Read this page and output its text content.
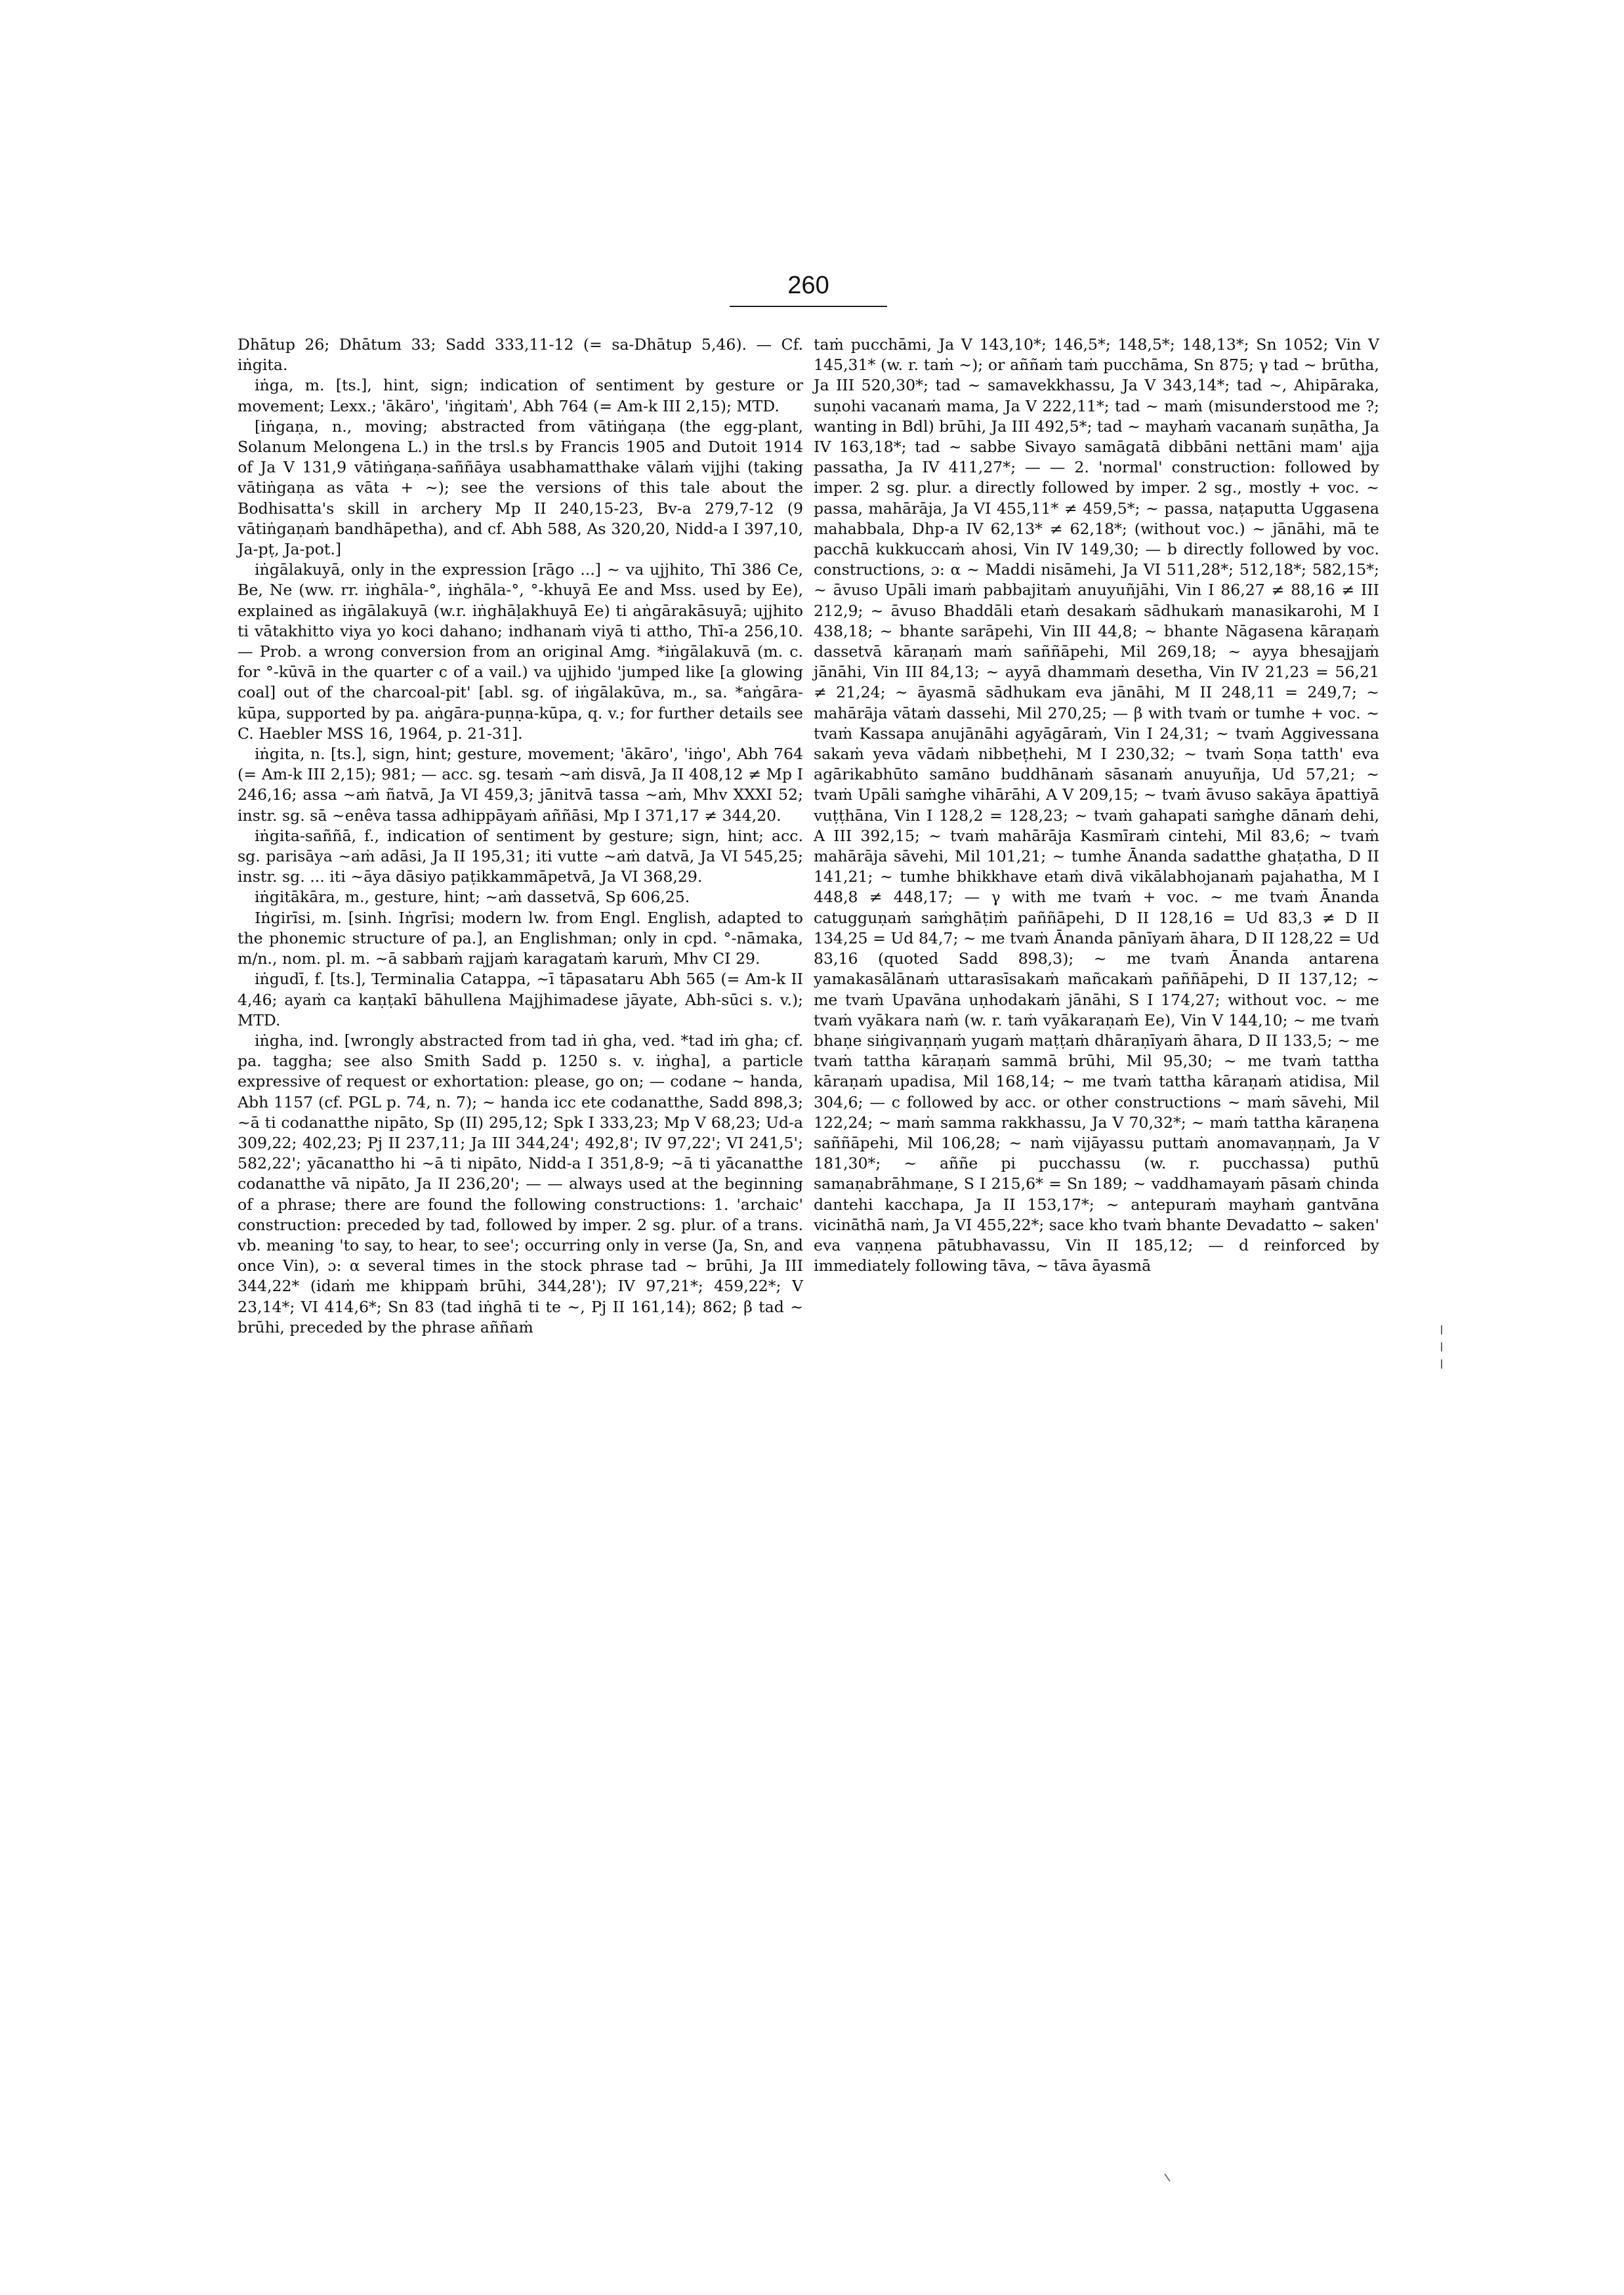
260

Dhātup 26; Dhātum 33; Sadd 333,11-12 (= sa-Dhātup 5,46). — Cf. iṅgita.

iṅga, m. [ts.], hint, sign; indication of sentiment by gesture or movement; Lexx.; 'ākāro', 'iṅgitaṁ', Abh 764 (= Am-k III 2,15); MTD.

[iṅgaṇa, n., moving; abstracted from vātiṅgaṇa (the egg-plant, Solanum Melongena L.) in the trsl.s by Francis 1905 and Dutoit 1914 of Ja V 131,9 vātiṅgaṇa-saññāya usabhamatthake vālaṁ vijjhi (taking vātiṅgaṇa as vāta + ~); see the versions of this tale about the Bodhisatta's skill in archery Mp II 240,15-23, Bv-a 279,7-12 (9 vātiṅgaṇaṁ bandhāpetha), and cf. Abh 588, As 320,20, Nidd-a I 397,10, Ja-pṭ, Ja-pot.]

iṅgālakuyā, only in the expression [rāgo ...] ~ va ujjhito, Thī 386 Ce, Be, Ne (ww. rr. iṅghāla-°, iṅghāla-°, °-khuyā Ee and Mss. used by Ee), explained as iṅgālakuyā (w.r. iṅghāḷakhuyā Ee) ti aṅgārakāsuyā; ujjhito ti vātakhitto viya yo koci dahano; indhanaṁ viyā ti attho, Thī-a 256,10. — Prob. a wrong conversion from an original Amg. *iṅgālakuvā (m. c. for °-kūvā in the quarter c of a vail.) va ujjhido 'jumped like [a glowing coal] out of the charcoal-pit' [abl. sg. of iṅgālakūva, m., sa. *aṅgāra-kūpa, supported by pa. aṅgāra-puṇṇa-kūpa, q. v.; for further details see C. Haebler MSS 16, 1964, p. 21-31].

iṅgita, n. [ts.], sign, hint; gesture, movement; 'ākāro', 'iṅgo', Abh 764 (= Am-k III 2,15); 981; — acc. sg. tesaṁ ~aṁ disvā, Ja II 408,12 ≠ Mp I 246,16; assa ~aṁ ñatvā, Ja VI 459,3; jānitvā tassa ~aṁ, Mhv XXXI 52; instr. sg. sā ~enêva tassa adhippāyaṁ aññāsi, Mp I 371,17 ≠ 344,20.

iṅgita-saññā, f., indication of sentiment by gesture; sign, hint; acc. sg. parisāya ~aṁ adāsi, Ja II 195,31; iti vutte ~aṁ datvā, Ja VI 545,25; instr. sg. ... iti ~āya dāsiyo paṭikkammāpetvā, Ja VI 368,29.

iṅgitākāra, m., gesture, hint; ~aṁ dassetvā, Sp 606,25.

Iṅgirīsi, m. [sinh. Iṅgrīsi; modern lw. from Engl. English, adapted to the phonemic structure of pa.], an Englishman; only in cpd. °-nāmaka, m/n., nom. pl. m. ~ā sabbaṁ rajjaṁ karagataṁ karuṁ, Mhv CI 29.

iṅgudī, f. [ts.], Terminalia Catappa, ~ī tāpasataru Abh 565 (= Am-k II 4,46; ayaṁ ca kaṇṭakī bāhullena Majjhimadese jāyate, Abh-sūci s. v.); MTD.

iṅgha, ind. [wrongly abstracted from tad iṅ gha, ved. *tad iṁ gha; cf. pa. taggha; see also Smith Sadd p. 1250 s. v. iṅgha], a particle expressive of request or exhortation: please, go on; — codane ~ handa, Abh 1157 (cf. PGL p. 74, n. 7); ~ handa icc ete codanatthe, Sadd 898,3; ~ā ti codanatthe nipāto, Sp (II) 295,12; Spk I 333,23; Mp V 68,23; Ud-a 309,22; 402,23; Pj II 237,11; Ja III 344,24'; 492,8'; IV 97,22'; VI 241,5'; 582,22'; yācanattho hi ~ā ti nipāto, Nidd-a I 351,8-9; ~ā ti yācanatthe codanatthe vā nipāto, Ja II 236,20'; — — always used at the beginning of a phrase; there are found the following constructions: 1. 'archaic' construction: preceded by tad, followed by imper. 2 sg. plur. of a trans. vb. meaning 'to say, to hear, to see'; occurring only in verse (Ja, Sn, and once Vin), ɔ: α several times in the stock phrase tad ~ brūhi, Ja III 344,22* (idaṁ me khippaṁ brūhi, 344,28'); IV 97,21*; 459,22*; V 23,14*; VI 414,6*; Sn 83 (tad iṅghā ti te ~, Pj II 161,14); 862; β tad ~ brūhi, preceded by the phrase aññaṁ

taṁ pucchāmi, Ja V 143,10*; 146,5*; 148,5*; 148,13*; Sn 1052; Vin V 145,31* (w. r. taṁ ~); or aññaṁ taṁ pucchāma, Sn 875; γ tad ~ brūtha, Ja III 520,30*; tad ~ samavekkhassu, Ja V 343,14*; tad ~, Ahipāraka, suṇohi vacanaṁ mama, Ja V 222,11*; tad ~ maṁ (misunderstood me ?; wanting in Bdl) brūhi, Ja III 492,5*; tad ~ mayhaṁ vacanaṁ suṇātha, Ja IV 163,18*; tad ~ sabbe Sivayo samāgatā dibbāni nettāni mam' ajja passatha, Ja IV 411,27*; — — 2. 'normal' construction: followed by imper. 2 sg. plur. a directly followed by imper. 2 sg., mostly + voc. ~ passa, mahārāja, Ja VI 455,11* ≠ 459,5*; ~ passa, naṭaputta Uggasena mahabbala, Dhp-a IV 62,13* ≠ 62,18*; (without voc.) ~ jānāhi, mā te pacchā kukkuccaṁ ahosi, Vin IV 149,30; — b directly followed by voc. constructions, ɔ: α ~ Maddi nisāmehi, Ja VI 511,28*; 512,18*; 582,15*; ~ āvuso Upāli imaṁ pabbajitaṁ anuyuñjāhi, Vin I 86,27 ≠ 88,16 ≠ III 212,9; ~ āvuso Bhaddāli etaṁ desakaṁ sādhukaṁ manasikarohi, M I 438,18; ~ bhante sarāpehi, Vin III 44,8; ~ bhante Nāgasena kāraṇaṁ dassetvā kāraṇaṁ maṁ saññāpehi, Mil 269,18; ~ ayya bhesajjaṁ jānāhi, Vin III 84,13; ~ ayyā dhammaṁ desetha, Vin IV 21,23 = 56,21 ≠ 21,24; ~ āyasmā sādhukam eva jānāhi, M II 248,11 = 249,7; ~ mahārāja vātaṁ dassehi, Mil 270,25; — β with tvaṁ or tumhe + voc. ~ tvaṁ Kassapa anujānāhi agyāgāraṁ, Vin I 24,31; ~ tvaṁ Aggivessana sakaṁ yeva vādaṁ nibbeṭhehi, M I 230,32; ~ tvaṁ Soṇa tatth' eva agārikabhūto samāno buddhānaṁ sāsanaṁ anuyuñja, Ud 57,21; ~ tvaṁ Upāli saṁghe vihārāhi, A V 209,15; ~ tvaṁ āvuso sakāya āpattiyā vuṭṭhāna, Vin I 128,2 = 128,23; ~ tvaṁ gahapati saṁghe dānaṁ dehi, A III 392,15; ~ tvaṁ mahārāja Kasmīraṁ cintehi, Mil 83,6; ~ tvaṁ mahārāja sāvehi, Mil 101,21; ~ tumhe Ānanda sadatthe ghaṭatha, D II 141,21; ~ tumhe bhikkhave etaṁ divā vikālabhojanaṁ pajahatha, M I 448,8 ≠ 448,17; — γ with me tvaṁ + voc. ~ me tvaṁ Ānanda catugguṇaṁ saṁghāṭiṁ paññāpehi, D II 128,16 = Ud 83,3 ≠ D II 134,25 = Ud 84,7; ~ me tvaṁ Ānanda pānīyaṁ āhara, D II 128,22 = Ud 83,16 (quoted Sadd 898,3); ~ me tvaṁ Ānanda antarena yamakasālānaṁ uttarasīsakaṁ mañcakaṁ paññāpehi, D II 137,12; ~ me tvaṁ Upavāna uṇhodakaṁ jānāhi, S I 174,27; without voc. ~ me tvaṁ vyākara naṁ (w. r. taṁ vyākaraṇaṁ Ee), Vin V 144,10; ~ me tvaṁ bhaṇe siṅgivaṇṇaṁ yugaṁ maṭṭaṁ dhāraṇīyaṁ āhara, D II 133,5; ~ me tvaṁ tattha kāraṇaṁ sammā brūhi, Mil 95,30; ~ me tvaṁ tattha kāraṇaṁ upadisa, Mil 168,14; ~ me tvaṁ tattha kāraṇaṁ atidisa, Mil 304,6; — c followed by acc. or other constructions ~ maṁ sāvehi, Mil 122,24; ~ maṁ samma rakkhassu, Ja V 70,32*; ~ maṁ tattha kāraṇena saññāpehi, Mil 106,28; ~ naṁ vijāyassu puttaṁ anomavaṇṇaṁ, Ja V 181,30*; ~ aññe pi pucchassu (w. r. pucchassa) puthū samaṇabrāhmaṇe, S I 215,6* = Sn 189; ~ vaddhamayaṁ pāsaṁ chinda dantehi kacchapa, Ja II 153,17*; ~ antepuraṁ mayhaṁ gantvāna vicināthā naṁ, Ja VI 455,22*; sace kho tvaṁ bhante Devadatto ~ saken' eva vaṇṇena pātubhavassu, Vin II 185,12; — d reinforced by immediately following tāva, ~ tāva āyasmā
